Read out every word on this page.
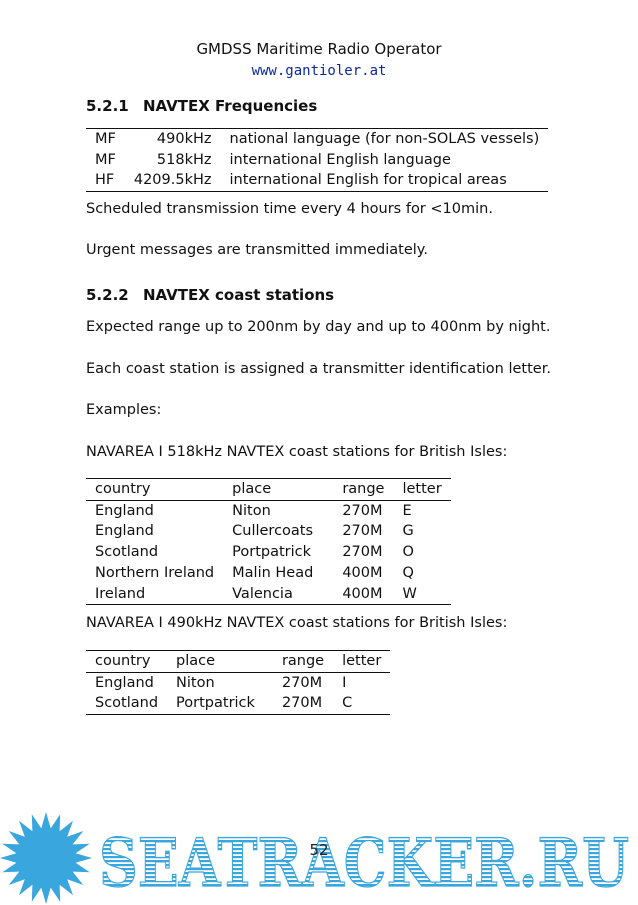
GMDSS Maritime Radio Operator
www.gantioler.at
5.2.1 NAVTEX Frequencies
MF	490kHz	national language (for non-SOLAS vessels)
MF	518kHz	international English language
HF	4209.5kHz	international English for tropical areas
Scheduled transmission time every 4 hours for <10min.
Urgent messages are transmitted immediately.
5.2.2 NAVTEX coast stations
Expected range up to 200nm by day and up to 400nm by night.
Each coast station is assigned a transmitter identification letter.
Examples:
NAVAREA I 518kHz NAVTEX coast stations for British Isles:
country	place	range	letter
England	Niton	270M	E
England	Cullercoats	270M	G
Scotland	Portpatrick	270M	O
Northern Ireland	Malin Head	400M	Q
Ireland	Valencia	400M	W
NAVAREA I 490kHz NAVTEX coast stations for British Isles:
country	place	range	letter
England	Niton	270M	I
Scotland	Portpatrick	270M	C
SEATRACKER.RU
52
